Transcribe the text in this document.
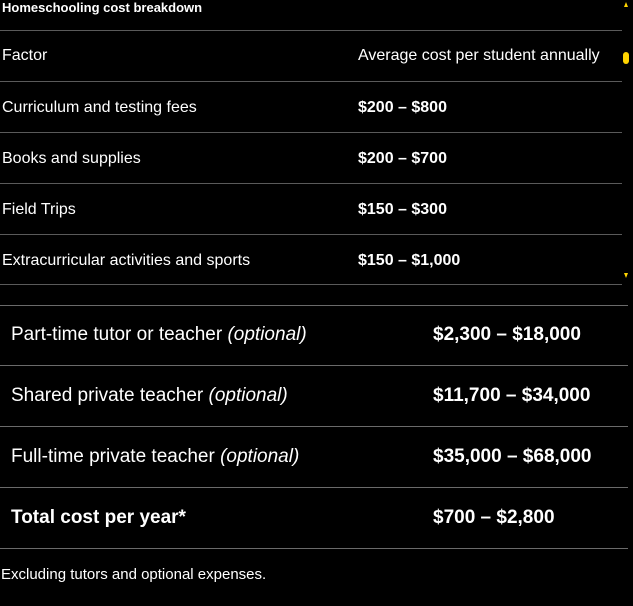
Homeschooling cost breakdown
Factor	Average cost per student annually
Curriculum and testing fees	$200 – $800
Books and supplies	$200 – $700
Field Trips	$150 – $300
Extracurricular activities and sports	$150 – $1,000
Part-time tutor or teacher (optional)	$2,300 – $18,000
Shared private teacher (optional)	$11,700 – $34,000
Full-time private teacher (optional)	$35,000 – $68,000
Total cost per year*	$700 – $2,800
Excluding tutors and optional expenses.
